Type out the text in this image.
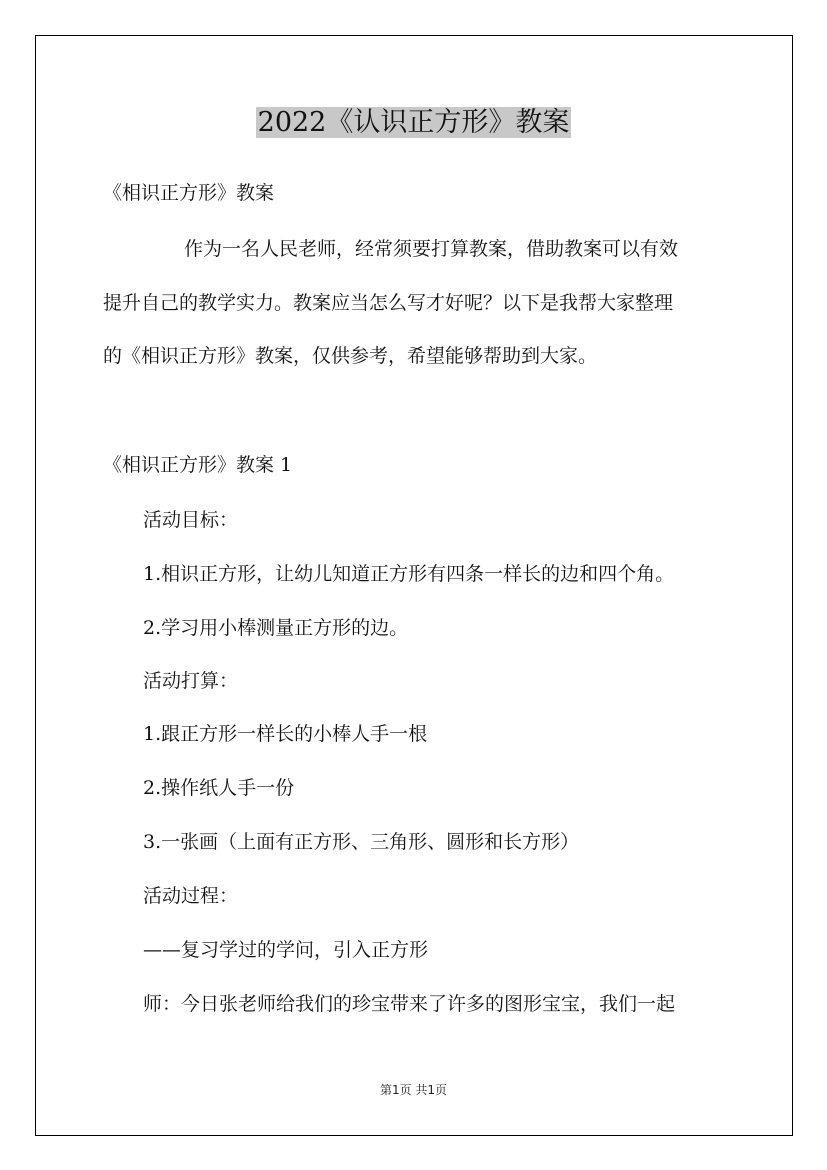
2022《认识正方形》教案
《相识正方形》教案
作为一名人民老师，经常须要打算教案，借助教案可以有效
提升自己的教学实力。教案应当怎么写才好呢？以下是我帮大家整理
的《相识正方形》教案，仅供参考，希望能够帮助到大家。
《相识正方形》教案 1
活动目标：
1.相识正方形，让幼儿知道正方形有四条一样长的边和四个角。
2.学习用小棒测量正方形的边。
活动打算：
1.跟正方形一样长的小棒人手一根
2.操作纸人手一份
3.一张画（上面有正方形、三角形、圆形和长方形）
活动过程：
——复习学过的学问，引入正方形
师：今日张老师给我们的珍宝带来了许多的图形宝宝，我们一起
第1页 共1页
